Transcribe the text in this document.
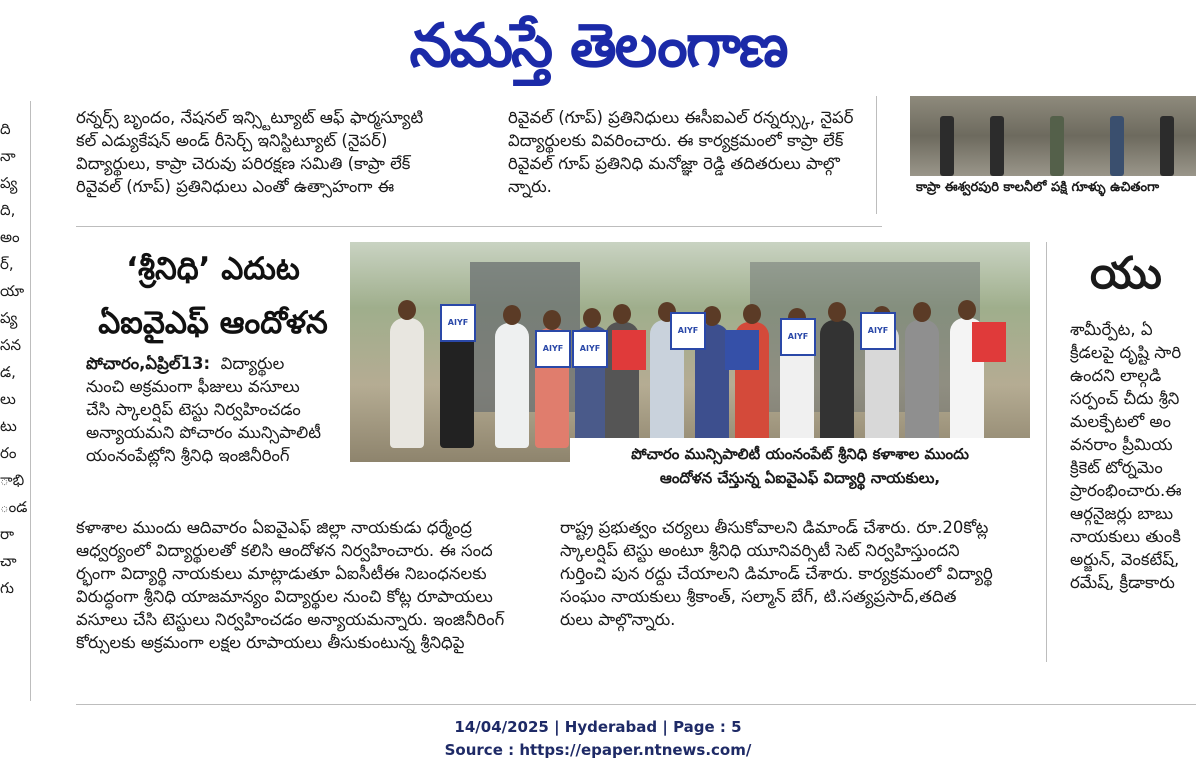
నమస్తే తెలంగాణ
ది
నా
ప్య
ది,
అం
ర్,
యా
ప్య
సన
డ,
లు
టు
రం
ాభి
ండ
రా
చా
గు
రన్నర్స్ బృందం, నేషనల్ ఇన్స్టిట్యూట్ ఆఫ్ ఫార్మస్యూటి
కల్ ఎడ్యుకేషన్ అండ్ రీసెర్చ్ ఇనిస్టిట్యూట్ (నైపర్)
విద్యార్థులు, కాప్రా చెరువు పరిరక్షణ సమితి (కాప్రా లేక్
రివైవల్ (గూప్) ప్రతినిధులు ఎంతో ఉత్సాహంగా ఈ
రివైవల్ (గూప్) ప్రతినిధులు ఈసీఐఎల్ రన్నర్స్కు, నైపర్
విద్యార్థులకు వివరించారు. ఈ కార్యక్రమంలో కాప్రా లేక్
రివైవల్ గూప్ ప్రతినిధి మనోజ్ఞా రెడ్డి తదితరులు పాల్గొ
న్నారు.	కాప్రా ఈశ్వరపురి కాలనీలో పక్షి గూళ్ళు ఉచితంగా
‘శ్రీనిధి’ ఎదుట
ఏఐవైఎఫ్ ఆందోళన
పోచారం,ఏప్రిల్13: విద్యార్థుల
నుంచి అక్రమంగా ఫీజులు వసూలు
చేసి స్కాలర్షిప్ టెస్టు నిర్వహించడం
అన్యాయమని పోచారం మున్సిపాలిటీ
యంనంపేట్లోని శ్రీనిధి ఇంజినీరింగ్
AIYF
AIYF	AIYF
AIYF
AIYF
AIYF
పోచారం మున్సిపాలిటీ యంనంపేట్ శ్రీనిధి కళాశాల ముందు
ఆందోళన చేస్తున్న ఏఐవైఎఫ్ విద్యార్థి నాయకులు,
కళాశాల ముందు ఆదివారం ఏఐవైఎఫ్ జిల్లా నాయకుడు ధర్మేంద్ర
ఆధ్వర్యంలో విద్యార్థులతో కలిసి ఆందోళన నిర్వహించారు. ఈ సంద
ర్భంగా విద్యార్థి నాయకులు మాట్లాడుతూ ఏఐసీటీఈ నిబంధనలకు
విరుద్ధంగా శ్రీనిధి యాజమాన్యం విద్యార్థుల నుంచి కోట్ల రూపాయలు
వసూలు చేసి టెస్టులు నిర్వహించడం అన్యాయమన్నారు. ఇంజినీరింగ్
కోర్సులకు అక్రమంగా లక్షల రూపాయలు తీసుకుంటున్న శ్రీనిధిపై
రాష్ట్ర ప్రభుత్వం చర్యలు తీసుకోవాలని డిమాండ్ చేశారు. రూ.20కోట్ల
స్కాలర్షిప్ టెస్టు అంటూ శ్రీనిధి యూనివర్సిటీ సెట్ నిర్వహిస్తుందని
గుర్తించి పున రద్దు చేయాలని డిమాండ్ చేశారు. కార్యక్రమంలో విద్యార్థి
సంఘం నాయకులు శ్రీకాంత్, సల్మాన్ బేగ్, టి.సత్యప్రసాద్,తదిత
రులు పాల్గొన్నారు.
యు
శామీర్పేట, ఏ
క్రీడలపై దృష్టి సారి
ఉందని లాల్గడి
సర్పంచ్ చీదు శ్రీని
మలక్పేటలో అం
వనరాం ప్రీమియ
క్రికెట్ టోర్నమెం
ప్రారంభించారు.ఈ
ఆర్గనైజర్లు బాబు
నాయకులు తుంకి
అర్జున్, వెంకటేష్,
రమేష్, క్రీడాకారు
14/04/2025 | Hyderabad | Page : 5
Source : https://epaper.ntnews.com/
